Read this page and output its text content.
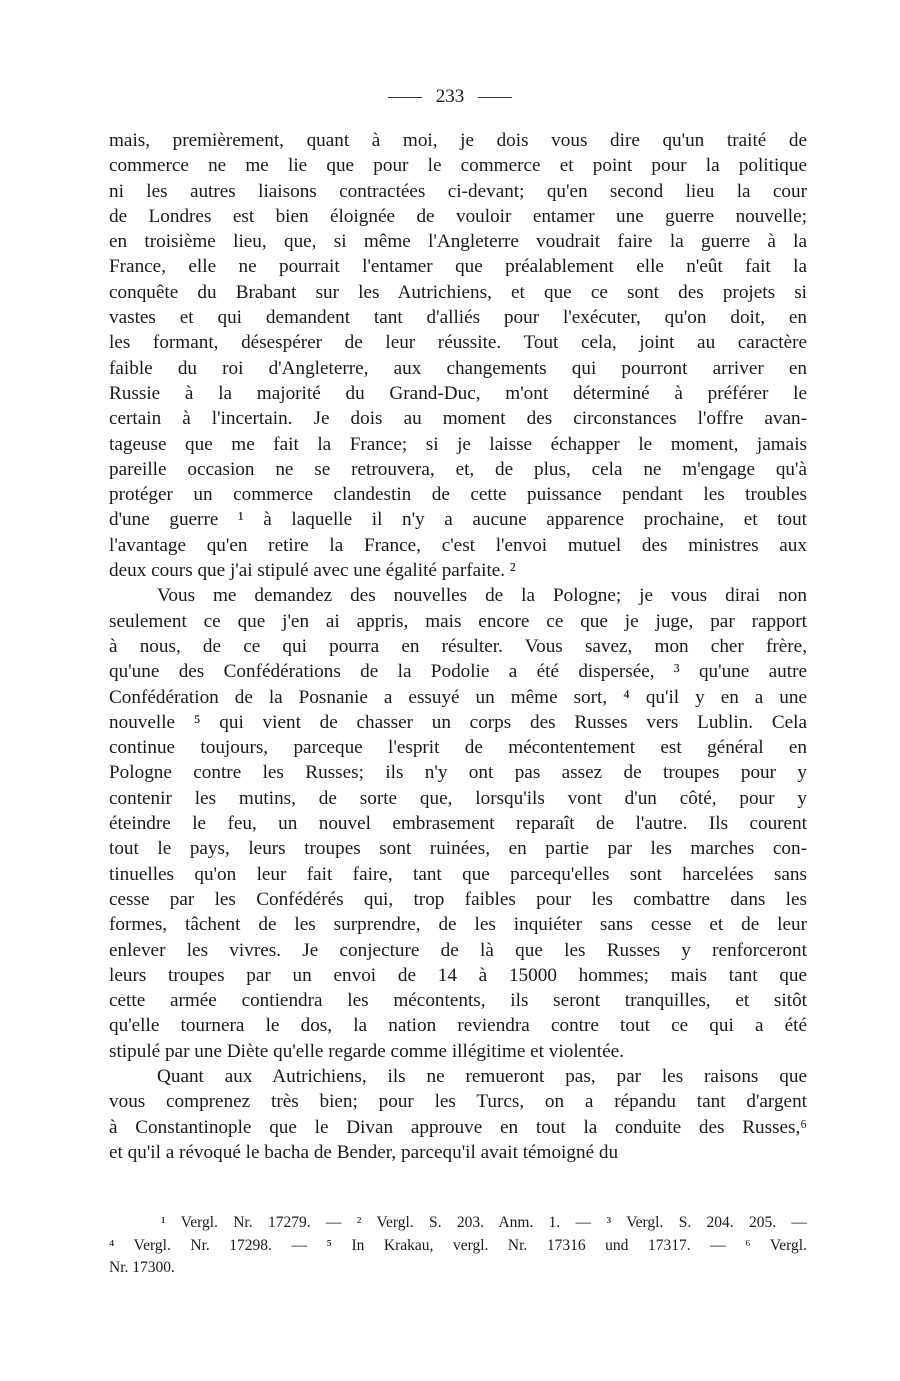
233
mais, premièrement, quant à moi, je dois vous dire qu'un traité de
commerce ne me lie que pour le commerce et point pour la politique
ni les autres liaisons contractées ci-devant; qu'en second lieu la cour
de Londres est bien éloignée de vouloir entamer une guerre nouvelle;
en troisième lieu, que, si même l'Angleterre voudrait faire la guerre à la
France, elle ne pourrait l'entamer que préalablement elle n'eût fait la
conquête du Brabant sur les Autrichiens, et que ce sont des projets si
vastes et qui demandent tant d'alliés pour l'exécuter, qu'on doit, en
les formant, désespérer de leur réussite. Tout cela, joint au caractère
faible du roi d'Angleterre, aux changements qui pourront arriver en
Russie à la majorité du Grand-Duc, m'ont déterminé à préférer le
certain à l'incertain. Je dois au moment des circonstances l'offre avan-
tageuse que me fait la France; si je laisse échapper le moment, jamais
pareille occasion ne se retrouvera, et, de plus, cela ne m'engage qu'à
protéger un commerce clandestin de cette puissance pendant les troubles
d'une guerre ¹ à laquelle il n'y a aucune apparence prochaine, et tout
l'avantage qu'en retire la France, c'est l'envoi mutuel des ministres aux
deux cours que j'ai stipulé avec une égalité parfaite. ²
Vous me demandez des nouvelles de la Pologne; je vous dirai non
seulement ce que j'en ai appris, mais encore ce que je juge, par rapport
à nous, de ce qui pourra en résulter. Vous savez, mon cher frère,
qu'une des Confédérations de la Podolie a été dispersée, ³ qu'une autre
Confédération de la Posnanie a essuyé un même sort, ⁴ qu'il y en a une
nouvelle ⁵ qui vient de chasser un corps des Russes vers Lublin. Cela
continue toujours, parceque l'esprit de mécontentement est général en
Pologne contre les Russes; ils n'y ont pas assez de troupes pour y
contenir les mutins, de sorte que, lorsqu'ils vont d'un côté, pour y
éteindre le feu, un nouvel embrasement reparaît de l'autre. Ils courent
tout le pays, leurs troupes sont ruinées, en partie par les marches con-
tinuelles qu'on leur fait faire, tant que parcequ'elles sont harcelées sans
cesse par les Confédérés qui, trop faibles pour les combattre dans les
formes, tâchent de les surprendre, de les inquiéter sans cesse et de leur
enlever les vivres. Je conjecture de là que les Russes y renforceront
leurs troupes par un envoi de 14 à 15000 hommes; mais tant que
cette armée contiendra les mécontents, ils seront tranquilles, et sitôt
qu'elle tournera le dos, la nation reviendra contre tout ce qui a été
stipulé par une Diète qu'elle regarde comme illégitime et violentée.
Quant aux Autrichiens, ils ne remueront pas, par les raisons que
vous comprenez très bien; pour les Turcs, on a répandu tant d'argent
à Constantinople que le Divan approuve en tout la conduite des Russes,⁶
et qu'il a révoqué le bacha de Bender, parcequ'il avait témoigné du
¹ Vergl. Nr. 17279. — ² Vergl. S. 203. Anm. 1. — ³ Vergl. S. 204. 205. —
⁴ Vergl. Nr. 17298. — ⁵ In Krakau, vergl. Nr. 17316 und 17317. — ⁶ Vergl.
Nr. 17300.
